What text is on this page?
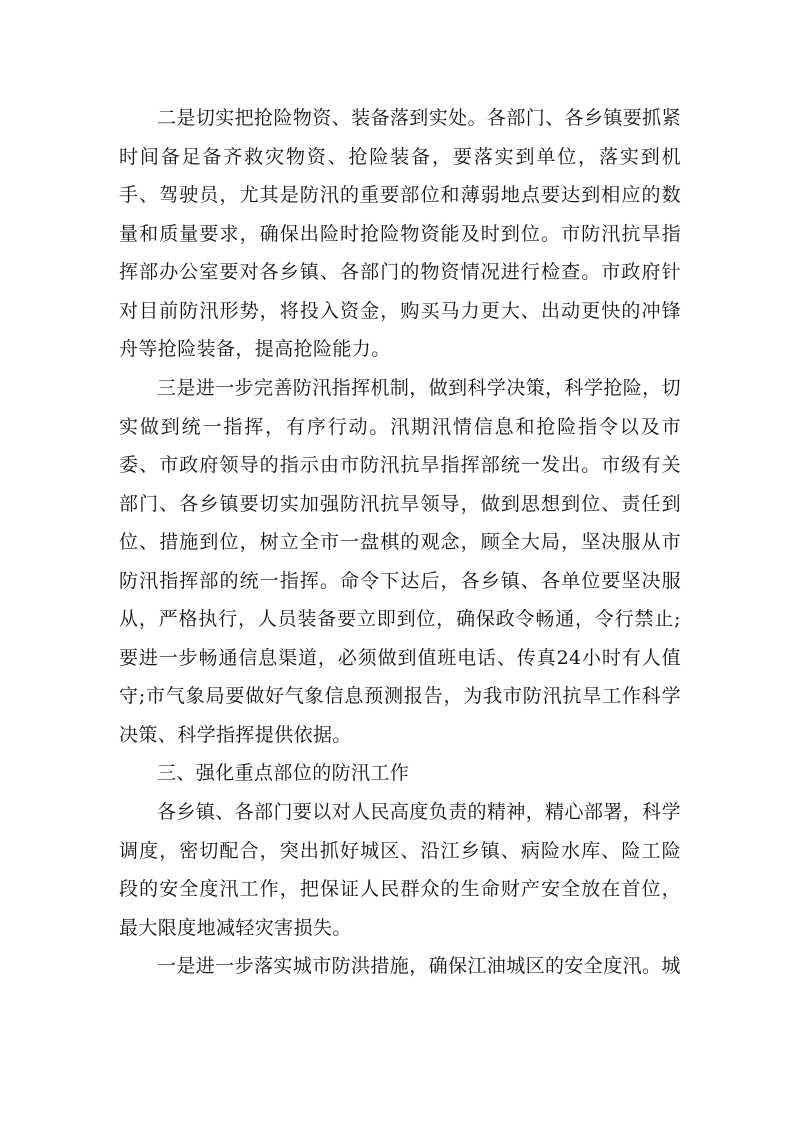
二是切实把抢险物资、装备落到实处。各部门、各乡镇要抓紧时间备足备齐救灾物资、抢险装备，要落实到单位，落实到机手、驾驶员，尤其是防汛的重要部位和薄弱地点要达到相应的数量和质量要求，确保出险时抢险物资能及时到位。市防汛抗旱指挥部办公室要对各乡镇、各部门的物资情况进行检查。市政府针对目前防汛形势，将投入资金，购买马力更大、出动更快的冲锋舟等抢险装备，提高抢险能力。

三是进一步完善防汛指挥机制，做到科学决策，科学抢险，切实做到统一指挥，有序行动。汛期汛情信息和抢险指令以及市委、市政府领导的指示由市防汛抗旱指挥部统一发出。市级有关部门、各乡镇要切实加强防汛抗旱领导，做到思想到位、责任到位、措施到位，树立全市一盘棋的观念，顾全大局，坚决服从市防汛指挥部的统一指挥。命令下达后，各乡镇、各单位要坚决服从，严格执行，人员装备要立即到位，确保政令畅通，令行禁止;要进一步畅通信息渠道，必须做到值班电话、传真24小时有人值守;市气象局要做好气象信息预测报告，为我市防汛抗旱工作科学决策、科学指挥提供依据。

三、强化重点部位的防汛工作

各乡镇、各部门要以对人民高度负责的精神，精心部署，科学调度，密切配合，突出抓好城区、沿江乡镇、病险水库、险工险段的安全度汛工作，把保证人民群众的生命财产安全放在首位，最大限度地减轻灾害损失。

一是进一步落实城市防洪措施，确保江油城区的安全度汛。城
